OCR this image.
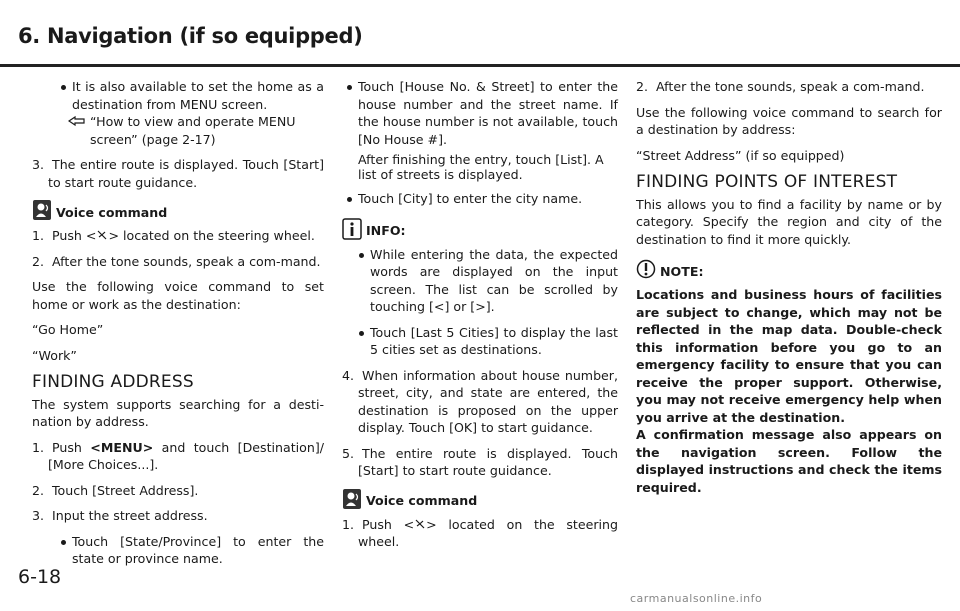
6. Navigation (if so equipped)
It is also available to set the home as a destination from MENU screen.
“How to view and operate MENU screen” (page 2-17)
3. The entire route is displayed. Touch [Start] to start route guidance.
Voice command
1. Push < > located on the steering wheel.
2. After the tone sounds, speak a com-mand.

Use the following voice command to set home or work as the destination:

“Go Home”

“Work”

FINDING ADDRESS

The system supports searching for a desti-nation by address.

1. Push <MENU> and touch [Destination]/ [More Choices...].
2. Touch [Street Address].
3. Input the street address.
Touch [State/Province] to enter the state or province name.
Touch [House No. & Street] to enter the house number and the street name. If the house number is not available, touch [No House #].

After finishing the entry, touch [List]. A list of streets is displayed.

Touch [City] to enter the city name.
INFO:
While entering the data, the expected words are displayed on the input screen. The list can be scrolled by touching [<] or [>].
Touch [Last 5 Cities] to display the last 5 cities set as destinations.
4. When information about house number, street, city, and state are entered, the destination is proposed on the upper display. Touch [OK] to start guidance.
5. The entire route is displayed. Touch [Start] to start route guidance.
Voice command
1. Push < > located on the steering wheel.
2. After the tone sounds, speak a com-mand.

Use the following voice command to search for a destination by address:

“Street Address” (if so equipped)

FINDING POINTS OF INTEREST

This allows you to find a facility by name or by category. Specify the region and city of the destination to find it more quickly.

NOTE:

Locations and business hours of facilities are subject to change, which may not be reflected in the map data. Double-check this information before you go to an emergency facility to ensure that you can receive the proper support. Otherwise, you may not receive emergency help when you arrive at the destination.

A confirmation message also appears on the navigation screen. Follow the displayed instructions and check the items required.

6-18
carmanualsonline.info
